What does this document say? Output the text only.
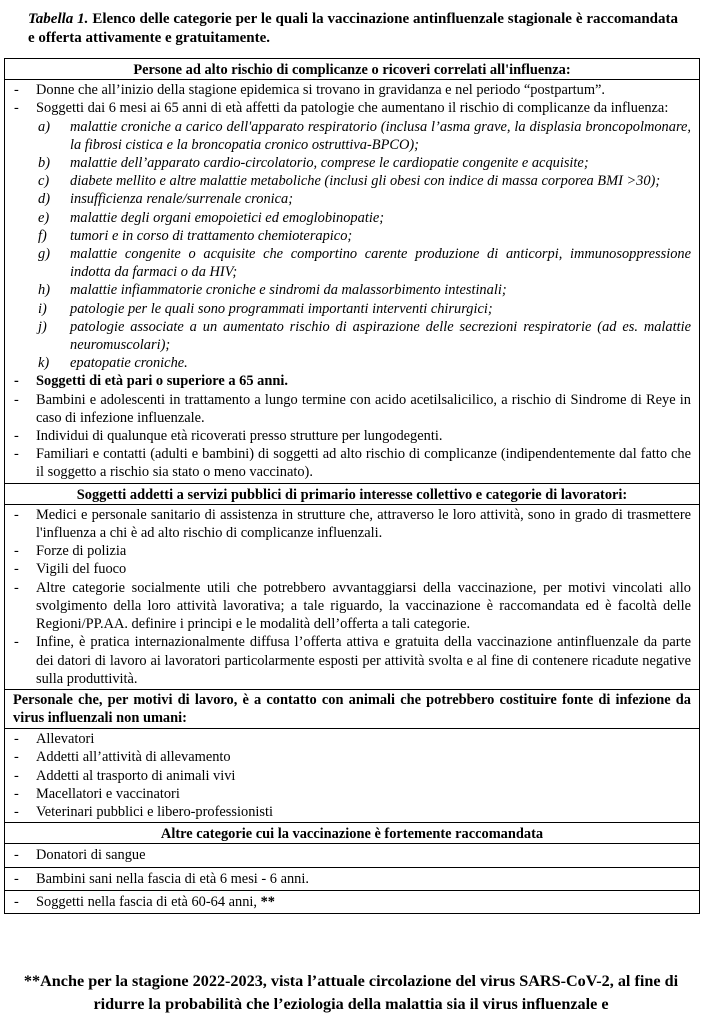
Tabella 1. Elenco delle categorie per le quali la vaccinazione antinfluenzale stagionale è raccomandata e offerta attivamente e gratuitamente.
Persone ad alto rischio di complicanze o ricoveri correlati all'influenza:
- Donne che all’inizio della stagione epidemica si trovano in gravidanza e nel periodo “postpartum”.
- Soggetti dai 6 mesi ai 65 anni di età affetti da patologie che aumentano il rischio di complicanze da influenza:
a) malattie croniche a carico dell'apparato respiratorio (inclusa l’asma grave, la displasia broncopolmonare, la fibrosi cistica e la broncopatia cronico ostruttiva-BPCO);
b) malattie dell’apparato cardio-circolatorio, comprese le cardiopatie congenite e acquisite;
c) diabete mellito e altre malattie metaboliche (inclusi gli obesi con indice di massa corporea BMI >30);
d) insufficienza renale/surrenale cronica;
e) malattie degli organi emopoietici ed emoglobinopatie;
f) tumori e in corso di trattamento chemioterapico;
g) malattie congenite o acquisite che comportino carente produzione di anticorpi, immunosoppressione indotta da farmaci o da HIV;
h) malattie infiammatorie croniche e sindromi da malassorbimento intestinali;
i) patologie per le quali sono programmati importanti interventi chirurgici;
j) patologie associate a un aumentato rischio di aspirazione delle secrezioni respiratorie (ad es. malattie neuromuscolari);
k) epatopatie croniche.
- Soggetti di età pari o superiore a 65 anni.
- Bambini e adolescenti in trattamento a lungo termine con acido acetilsalicilico, a rischio di Sindrome di Reye in caso di infezione influenzale.
- Individui di qualunque età ricoverati presso strutture per lungodegenti.
- Familiari e contatti (adulti e bambini) di soggetti ad alto rischio di complicanze (indipendentemente dal fatto che il soggetto a rischio sia stato o meno vaccinato).
Soggetti addetti a servizi pubblici di primario interesse collettivo e categorie di lavoratori:
- Medici e personale sanitario di assistenza in strutture che, attraverso le loro attività, sono in grado di trasmettere l'influenza a chi è ad alto rischio di complicanze influenzali.
- Forze di polizia
- Vigili del fuoco
- Altre categorie socialmente utili che potrebbero avvantaggiarsi della vaccinazione, per motivi vincolati allo svolgimento della loro attività lavorativa; a tale riguardo, la vaccinazione è raccomandata ed è facoltà delle Regioni/PP.AA. definire i principi e le modalità dell’offerta a tali categorie.
- Infine, è pratica internazionalmente diffusa l’offerta attiva e gratuita della vaccinazione antinfluenzale da parte dei datori di lavoro ai lavoratori particolarmente esposti per attività svolta e al fine di contenere ricadute negative sulla produttività.
Personale che, per motivi di lavoro, è a contatto con animali che potrebbero costituire fonte di infezione da virus influenzali non umani:
- Allevatori
- Addetti all’attività di allevamento
- Addetti al trasporto di animali vivi
- Macellatori e vaccinatori
- Veterinari pubblici e libero-professionisti
Altre categorie cui la vaccinazione è fortemente raccomandata
- Donatori di sangue
- Bambini sani nella fascia di età 6 mesi - 6 anni.
- Soggetti nella fascia di età 60-64 anni, **
**Anche per la stagione 2022-2023, vista l’attuale circolazione del virus SARS-CoV-2, al fine di ridurre la probabilità che l’eziologia della malattia sia il virus influenzale e
